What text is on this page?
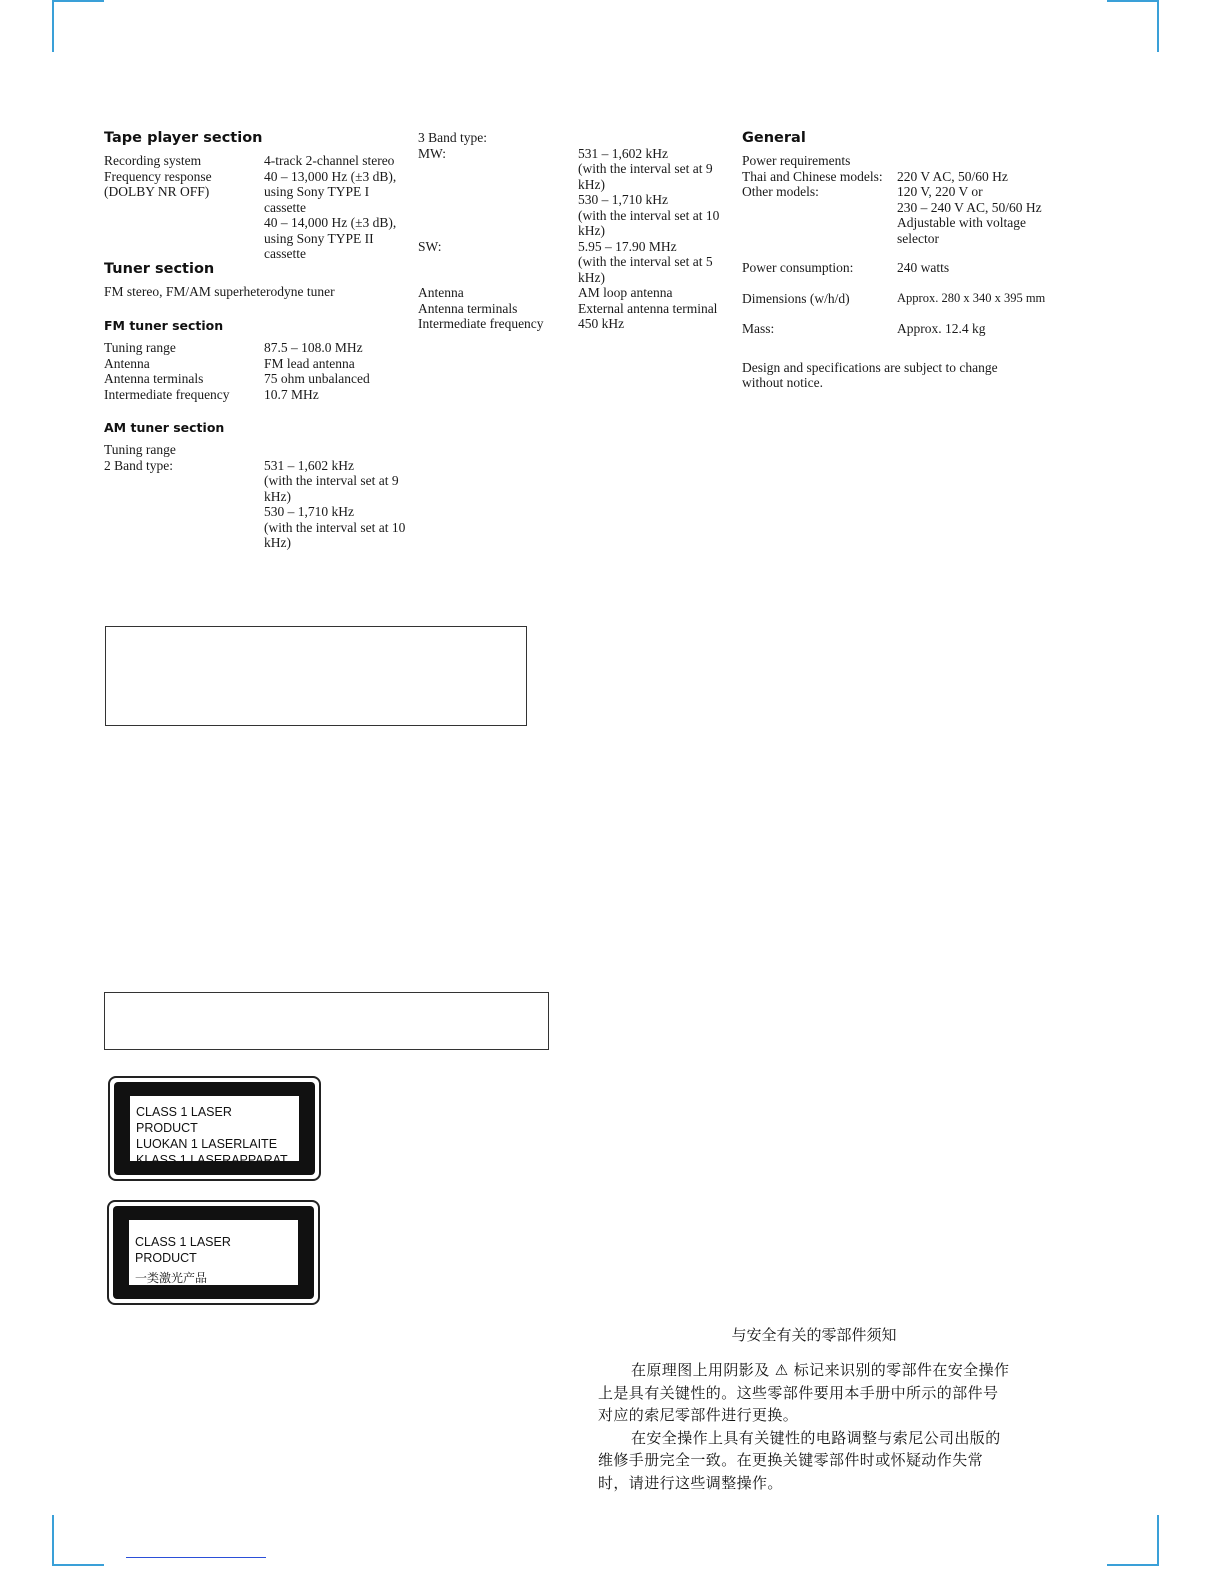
Tape player section
Recording system	4-track 2-channel stereo
Frequency response	40 – 13,000 Hz (±3 dB),
(DOLBY NR OFF)	using Sony TYPE I
cassette
40 – 14,000 Hz (±3 dB),
using Sony TYPE II
cassette
Tuner section
FM stereo, FM/AM superheterodyne tuner
FM tuner section
Tuning range	87.5 – 108.0 MHz
Antenna	FM lead antenna
Antenna terminals	75 ohm unbalanced
Intermediate frequency	10.7 MHz
AM tuner section
Tuning range
2 Band type:	531 – 1,602 kHz
(with the interval set at 9
kHz)
530 – 1,710 kHz
(with the interval set at 10
kHz)
3 Band type:
MW:	531 – 1,602 kHz
(with the interval set at 9
kHz)
530 – 1,710 kHz
(with the interval set at 10
kHz)
SW:	5.95 – 17.90 MHz
(with the interval set at 5
kHz)
Antenna	AM loop antenna
Antenna terminals	External antenna terminal
Intermediate frequency	450 kHz
General
Power requirements
Thai and Chinese models:	220 V AC, 50/60 Hz
Other models:	120 V, 220 V or
230 – 240 V AC, 50/60 Hz
Adjustable with voltage
selector
Power consumption:	240 watts
Dimensions (w/h/d)	Approx. 280 x 340 x 395 mm
Mass:	Approx. 12.4 kg
Design and specifications are subject to change
without notice.
CLASS 1 LASER PRODUCT
LUOKAN 1 LASERLAITE
KLASS 1 LASERAPPARAT
CLASS 1 LASER PRODUCT
一类激光产品
与安全有关的零部件须知
在原理图上用阴影及 ⚠ 标记来识别的零部件在安全操作
上是具有关键性的。这些零部件要用本手册中所示的部件号
对应的索尼零部件进行更换。
在安全操作上具有关键性的电路调整与索尼公司出版的
维修手册完全一致。在更换关键零部件时或怀疑动作失常
时，请进行这些调整操作。
